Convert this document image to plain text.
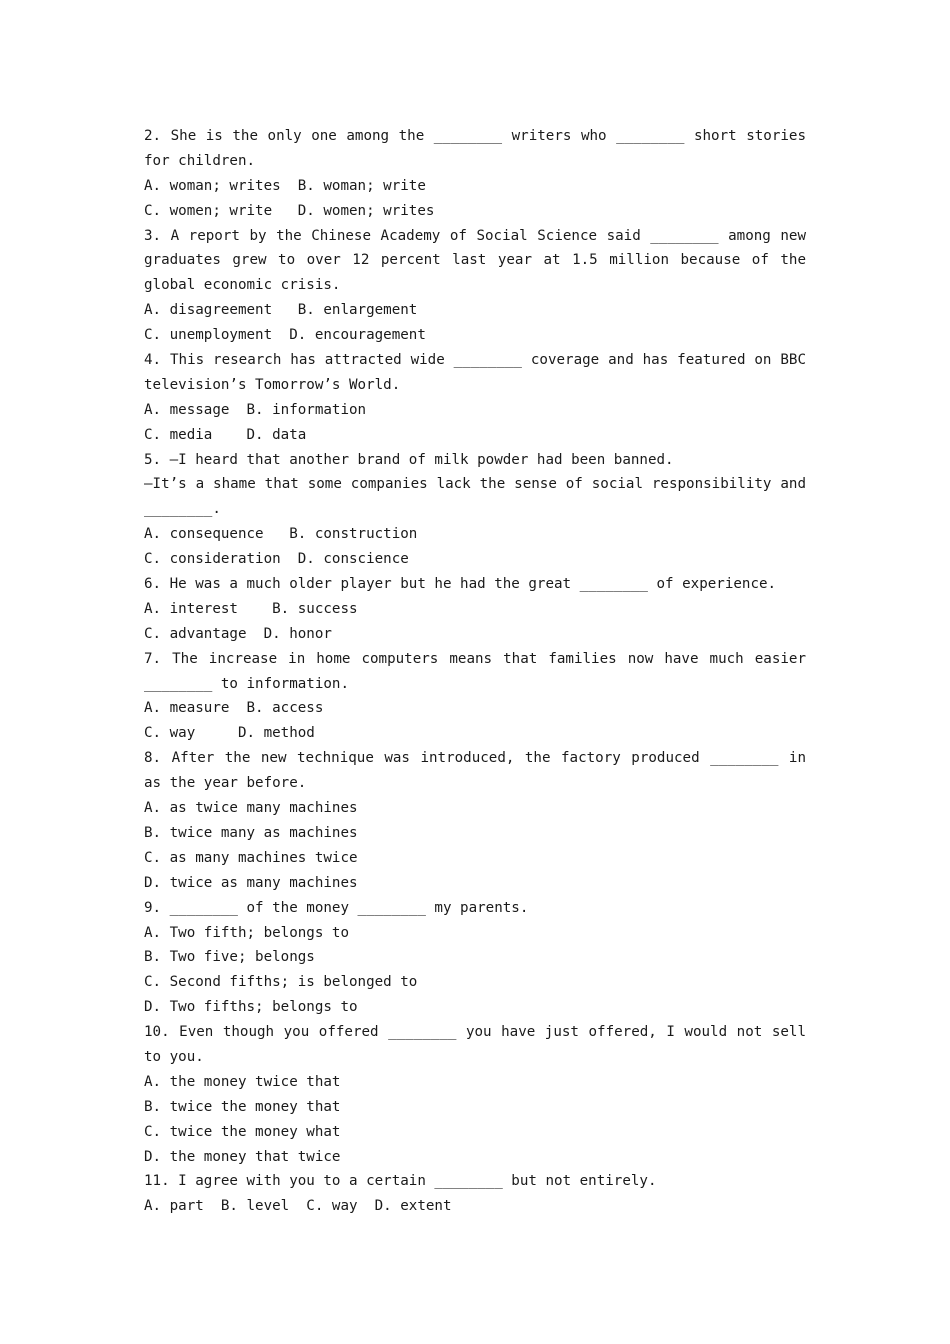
2. She is the only one among the ________ writers who ________ short stories
for children.
A. woman; writes  B. woman; write
C. women; write   D. women; writes
3. A report by the Chinese Academy of Social Science said ________ among new
graduates grew to over 12 percent last year at 1.5 million because of the
global economic crisis.
A. disagreement   B. enlargement
C. unemployment  D. encouragement
4. This research has attracted wide ________ coverage and has featured on BBC
television’s Tomorrow’s World.
A. message  B. information
C. media    D. data
5. —I heard that another brand of milk powder had been banned.
—It’s a shame that some companies lack the sense of social responsibility and
________.
A. consequence   B. construction
C. consideration  D. conscience
6. He was a much older player but he had the great ________ of experience.
A. interest    B. success
C. advantage  D. honor
7. The increase in home computers means that families now have much easier
________ to information.
A. measure  B. access
C. way     D. method
8. After the new technique was introduced, the factory produced ________ in
as the year before.
A. as twice many machines
B. twice many as machines
C. as many machines twice
D. twice as many machines
9. ________ of the money ________ my parents.
A. Two fifth; belongs to
B. Two five; belongs
C. Second fifths; is belonged to
D. Two fifths; belongs to
10. Even though you offered ________ you have just offered, I would not sell
to you.
A. the money twice that
B. twice the money that
C. twice the money what
D. the money that twice
11. I agree with you to a certain ________ but not entirely.
A. part  B. level  C. way  D. extent
